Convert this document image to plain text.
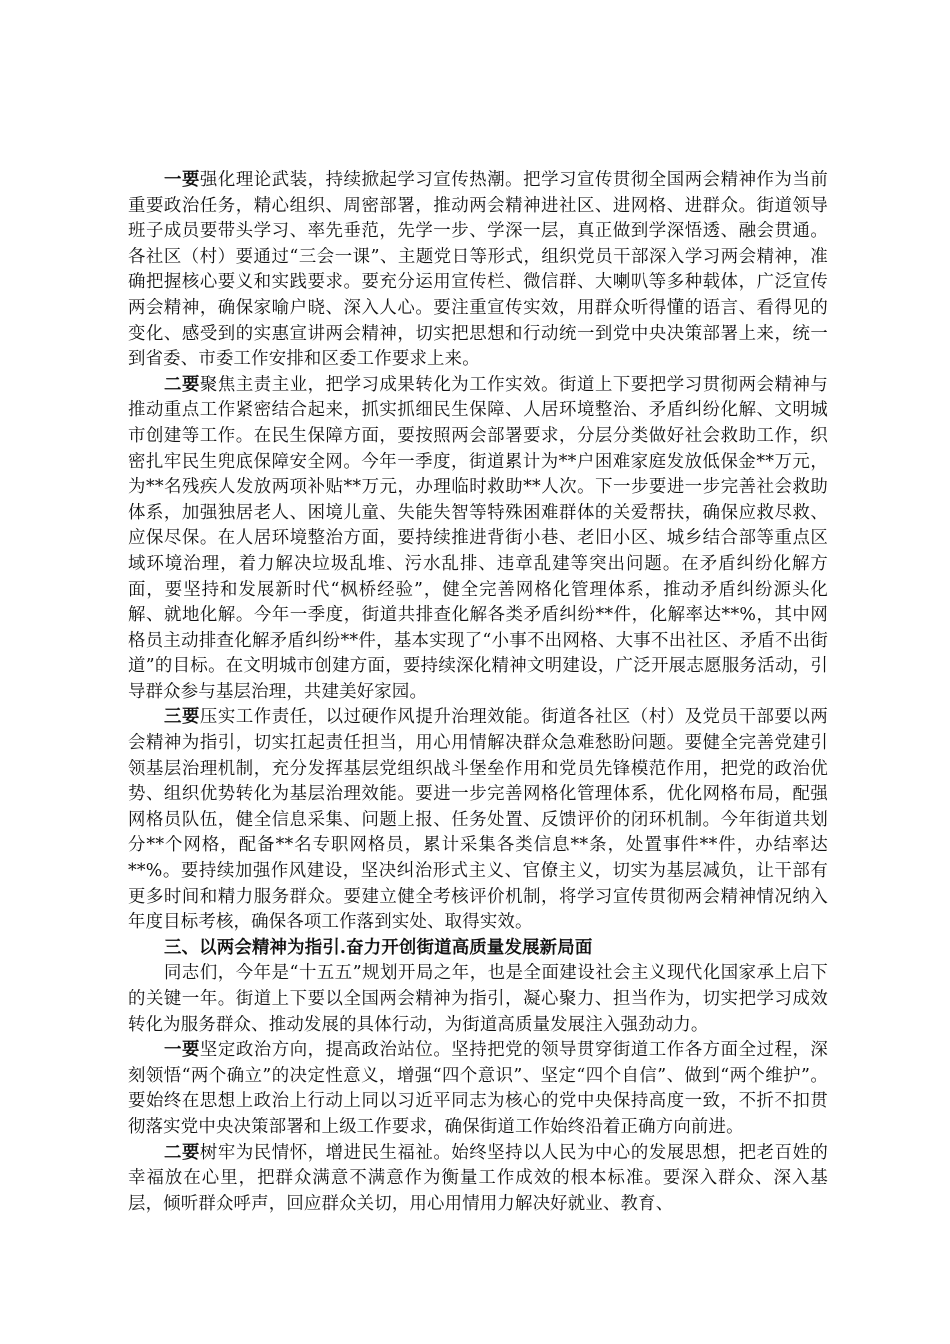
一要强化理论武装，持续掀起学习宣传热潮。把学习宣传贯彻全国两会精神作为当前重要政治任务，精心组织、周密部署，推动两会精神进社区、进网格、进群众。街道领导班子成员要带头学习、率先垂范，先学一步、学深一层，真正做到学深悟透、融会贯通。各社区（村）要通过“三会一课”、主题党日等形式，组织党员干部深入学习两会精神，准确把握核心要义和实践要求。要充分运用宣传栏、微信群、大喇叭等多种载体，广泛宣传两会精神，确保家喻户晓、深入人心。要注重宣传实效，用群众听得懂的语言、看得见的变化、感受到的实惠宣讲两会精神，切实把思想和行动统一到党中央决策部署上来，统一到省委、市委工作安排和区委工作要求上来。

二要聚焦主责主业，把学习成果转化为工作实效。街道上下要把学习贯彻两会精神与推动重点工作紧密结合起来，抓实抓细民生保障、人居环境整治、矛盾纠纷化解、文明城市创建等工作。在民生保障方面，要按照两会部署要求，分层分类做好社会救助工作，织密扎牢民生兜底保障安全网。今年一季度，街道累计为**户困难家庭发放低保金**万元，为**名残疾人发放两项补贴**万元，办理临时救助**人次。下一步要进一步完善社会救助体系，加强独居老人、困境儿童、失能失智等特殊困难群体的关爱帮扶，确保应救尽救、应保尽保。在人居环境整治方面，要持续推进背街小巷、老旧小区、城乡结合部等重点区域环境治理，着力解决垃圾乱堆、污水乱排、违章乱建等突出问题。在矛盾纠纷化解方面，要坚持和发展新时代“枫桥经验”，健全完善网格化管理体系，推动矛盾纠纷源头化解、就地化解。今年一季度，街道共排查化解各类矛盾纠纷**件，化解率达**%，其中网格员主动排查化解矛盾纠纷**件，基本实现了“小事不出网格、大事不出社区、矛盾不出街道”的目标。在文明城市创建方面，要持续深化精神文明建设，广泛开展志愿服务活动，引导群众参与基层治理，共建美好家园。

三要压实工作责任，以过硬作风提升治理效能。街道各社区（村）及党员干部要以两会精神为指引，切实扛起责任担当，用心用情解决群众急难愁盼问题。要健全完善党建引领基层治理机制，充分发挥基层党组织战斗堡垒作用和党员先锋模范作用，把党的政治优势、组织优势转化为基层治理效能。要进一步完善网格化管理体系，优化网格布局，配强网格员队伍，健全信息采集、问题上报、任务处置、反馈评价的闭环机制。今年街道共划分**个网格，配备**名专职网格员，累计采集各类信息**条，处置事件**件，办结率达**%。要持续加强作风建设，坚决纠治形式主义、官僚主义，切实为基层减负，让干部有更多时间和精力服务群众。要建立健全考核评价机制，将学习宣传贯彻两会精神情况纳入年度目标考核，确保各项工作落到实处、取得实效。

三、以两会精神为指引.奋力开创街道高质量发展新局面

同志们，今年是“十五五”规划开局之年，也是全面建设社会主义现代化国家承上启下的关键一年。街道上下要以全国两会精神为指引，凝心聚力、担当作为，切实把学习成效转化为服务群众、推动发展的具体行动，为街道高质量发展注入强劲动力。

一要坚定政治方向，提高政治站位。坚持把党的领导贯穿街道工作各方面全过程，深刻领悟“两个确立”的决定性意义，增强“四个意识”、坚定“四个自信”、做到“两个维护”。要始终在思想上政治上行动上同以习近平同志为核心的党中央保持高度一致，不折不扣贯彻落实党中央决策部署和上级工作要求，确保街道工作始终沿着正确方向前进。

二要树牢为民情怀，增进民生福祉。始终坚持以人民为中心的发展思想，把老百姓的幸福放在心里，把群众满意不满意作为衡量工作成效的根本标准。要深入群众、深入基层，倾听群众呼声，回应群众关切，用心用情用力解决好就业、教育、
